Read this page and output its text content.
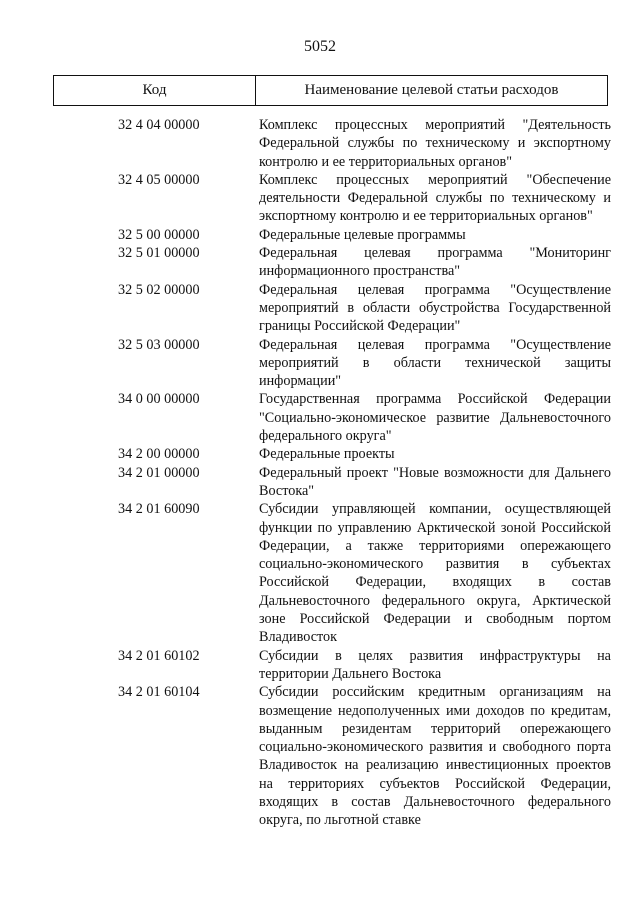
5052
Код	Наименование целевой статьи расходов
32 4 04 00000	Комплекс процессных мероприятий "Деятельность Федеральной службы по техническому и экспортному контролю и ее территориальных органов"
32 4 05 00000	Комплекс процессных мероприятий "Обеспечение деятельности Федеральной службы по техническому и экспортному контролю и ее территориальных органов"
32 5 00 00000	Федеральные целевые программы
32 5 01 00000	Федеральная целевая программа "Мониторинг информационного пространства"
32 5 02 00000	Федеральная целевая программа "Осуществление мероприятий в области обустройства Государственной границы Российской Федерации"
32 5 03 00000	Федеральная целевая программа "Осуществление мероприятий в области технической защиты информации"
34 0 00 00000	Государственная программа Российской Федерации "Социально-экономическое развитие Дальневосточного федерального округа"
34 2 00 00000	Федеральные проекты
34 2 01 00000	Федеральный проект "Новые возможности для Дальнего Востока"
34 2 01 60090	Субсидии управляющей компании, осуществляющей функции по управлению Арктической зоной Российской Федерации, а также территориями опережающего социально-экономического развития в субъектах Российской Федерации, входящих в состав Дальневосточного федерального округа, Арктической зоне Российской Федерации и свободным портом Владивосток
34 2 01 60102	Субсидии в целях развития инфраструктуры на территории Дальнего Востока
34 2 01 60104	Субсидии российским кредитным организациям на возмещение недополученных ими доходов по кредитам, выданным резидентам территорий опережающего социально-экономического развития и свободного порта Владивосток на реализацию инвестиционных проектов на территориях субъектов Российской Федерации, входящих в состав Дальневосточного федерального округа, по льготной ставке
